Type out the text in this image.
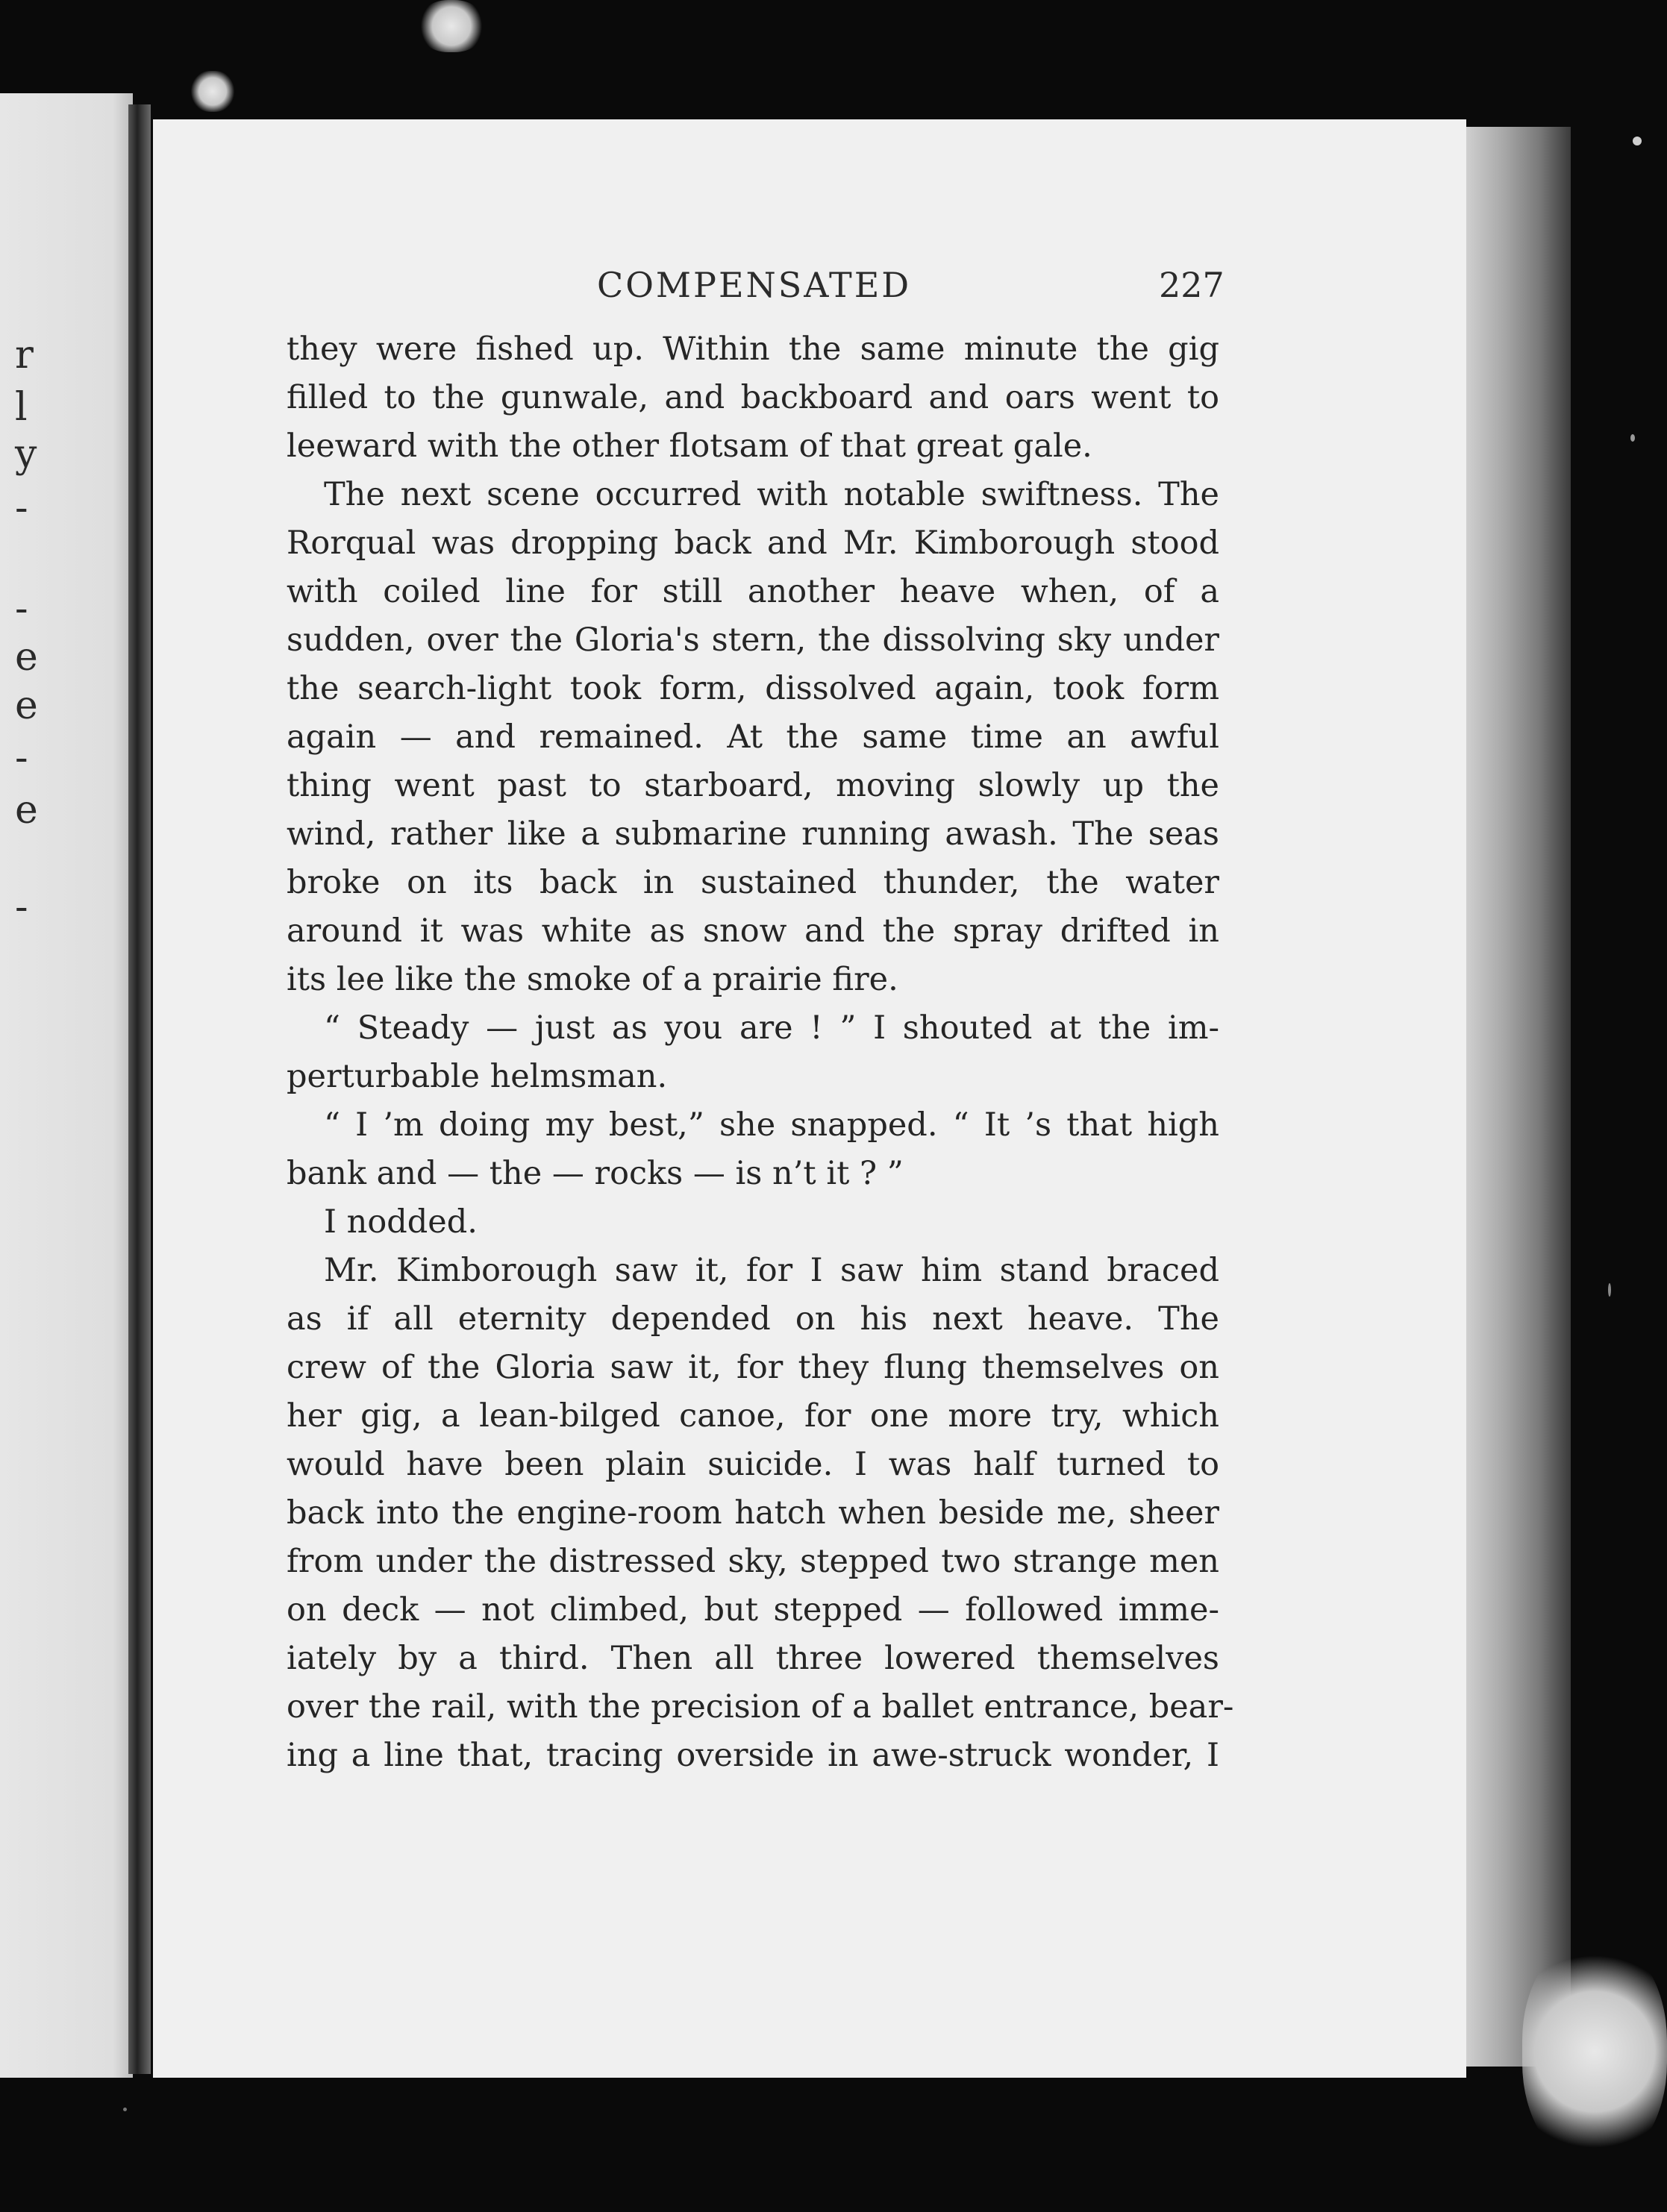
r
l
y
-
-
e
e
-
e
-
COMPENSATED	227
they were fished up. Within the same minute the gig
filled to the gunwale, and backboard and oars went to
leeward with the other flotsam of that great gale.
The next scene occurred with notable swiftness. The
Rorqual was dropping back and Mr. Kimborough stood
with coiled line for still another heave when, of a
sudden, over the Gloria's stern, the dissolving sky under
the search-light took form, dissolved again, took form
again — and remained. At the same time an awful
thing went past to starboard, moving slowly up the
wind, rather like a submarine running awash. The seas
broke on its back in sustained thunder, the water
around it was white as snow and the spray drifted in
its lee like the smoke of a prairie fire.
“ Steady — just as you are ! ” I shouted at the im-
perturbable helmsman.
“ I ’m doing my best,” she snapped. “ It ’s that high
bank and — the — rocks — is n’t it ? ”
I nodded.
Mr. Kimborough saw it, for I saw him stand braced
as if all eternity depended on his next heave. The
crew of the Gloria saw it, for they flung themselves on
her gig, a lean-bilged canoe, for one more try, which
would have been plain suicide. I was half turned to
back into the engine-room hatch when beside me, sheer
from under the distressed sky, stepped two strange men
on deck — not climbed, but stepped — followed imme-
iately by a third. Then all three lowered themselves
over the rail, with the precision of a ballet entrance, bear-
ing a line that, tracing overside in awe-struck wonder, I
